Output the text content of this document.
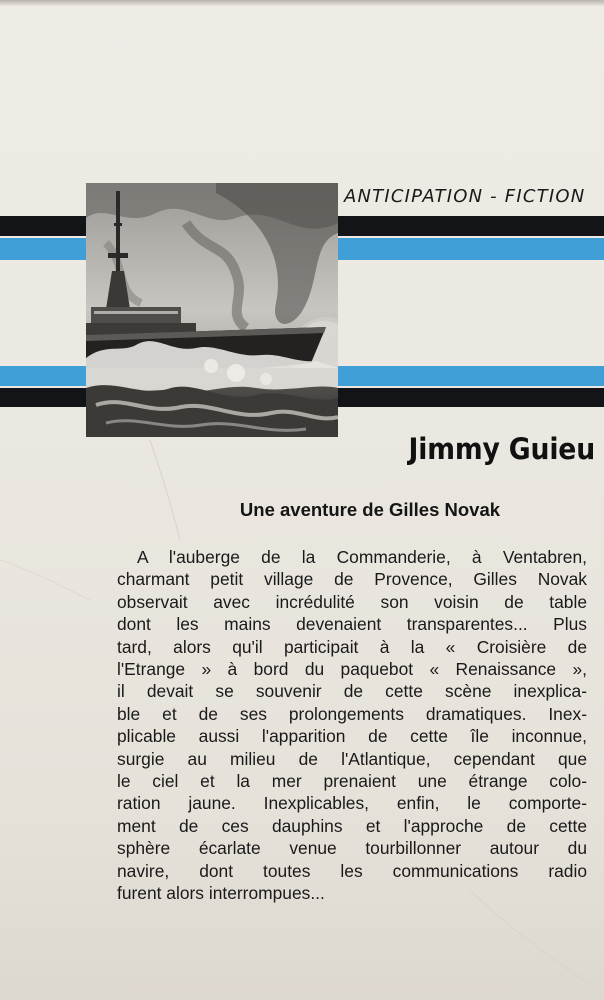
ANTICIPATION - FICTION
Jimmy Guieu
Une aventure de Gilles Novak
A l'auberge de la Commanderie, à Ventabren,
charmant petit village de Provence, Gilles Novak
observait avec incrédulité son voisin de table
dont les mains devenaient transparentes... Plus
tard, alors qu'il participait à la « Croisière de
l'Etrange » à bord du paquebot « Renaissance »,
il devait se souvenir de cette scène inexplica-
ble et de ses prolongements dramatiques. Inex-
plicable aussi l'apparition de cette île inconnue,
surgie au milieu de l'Atlantique, cependant que
le ciel et la mer prenaient une étrange colo-
ration jaune. Inexplicables, enfin, le comporte-
ment de ces dauphins et l'approche de cette
sphère écarlate venue tourbillonner autour du
navire, dont toutes les communications radio
furent alors interrompues...
